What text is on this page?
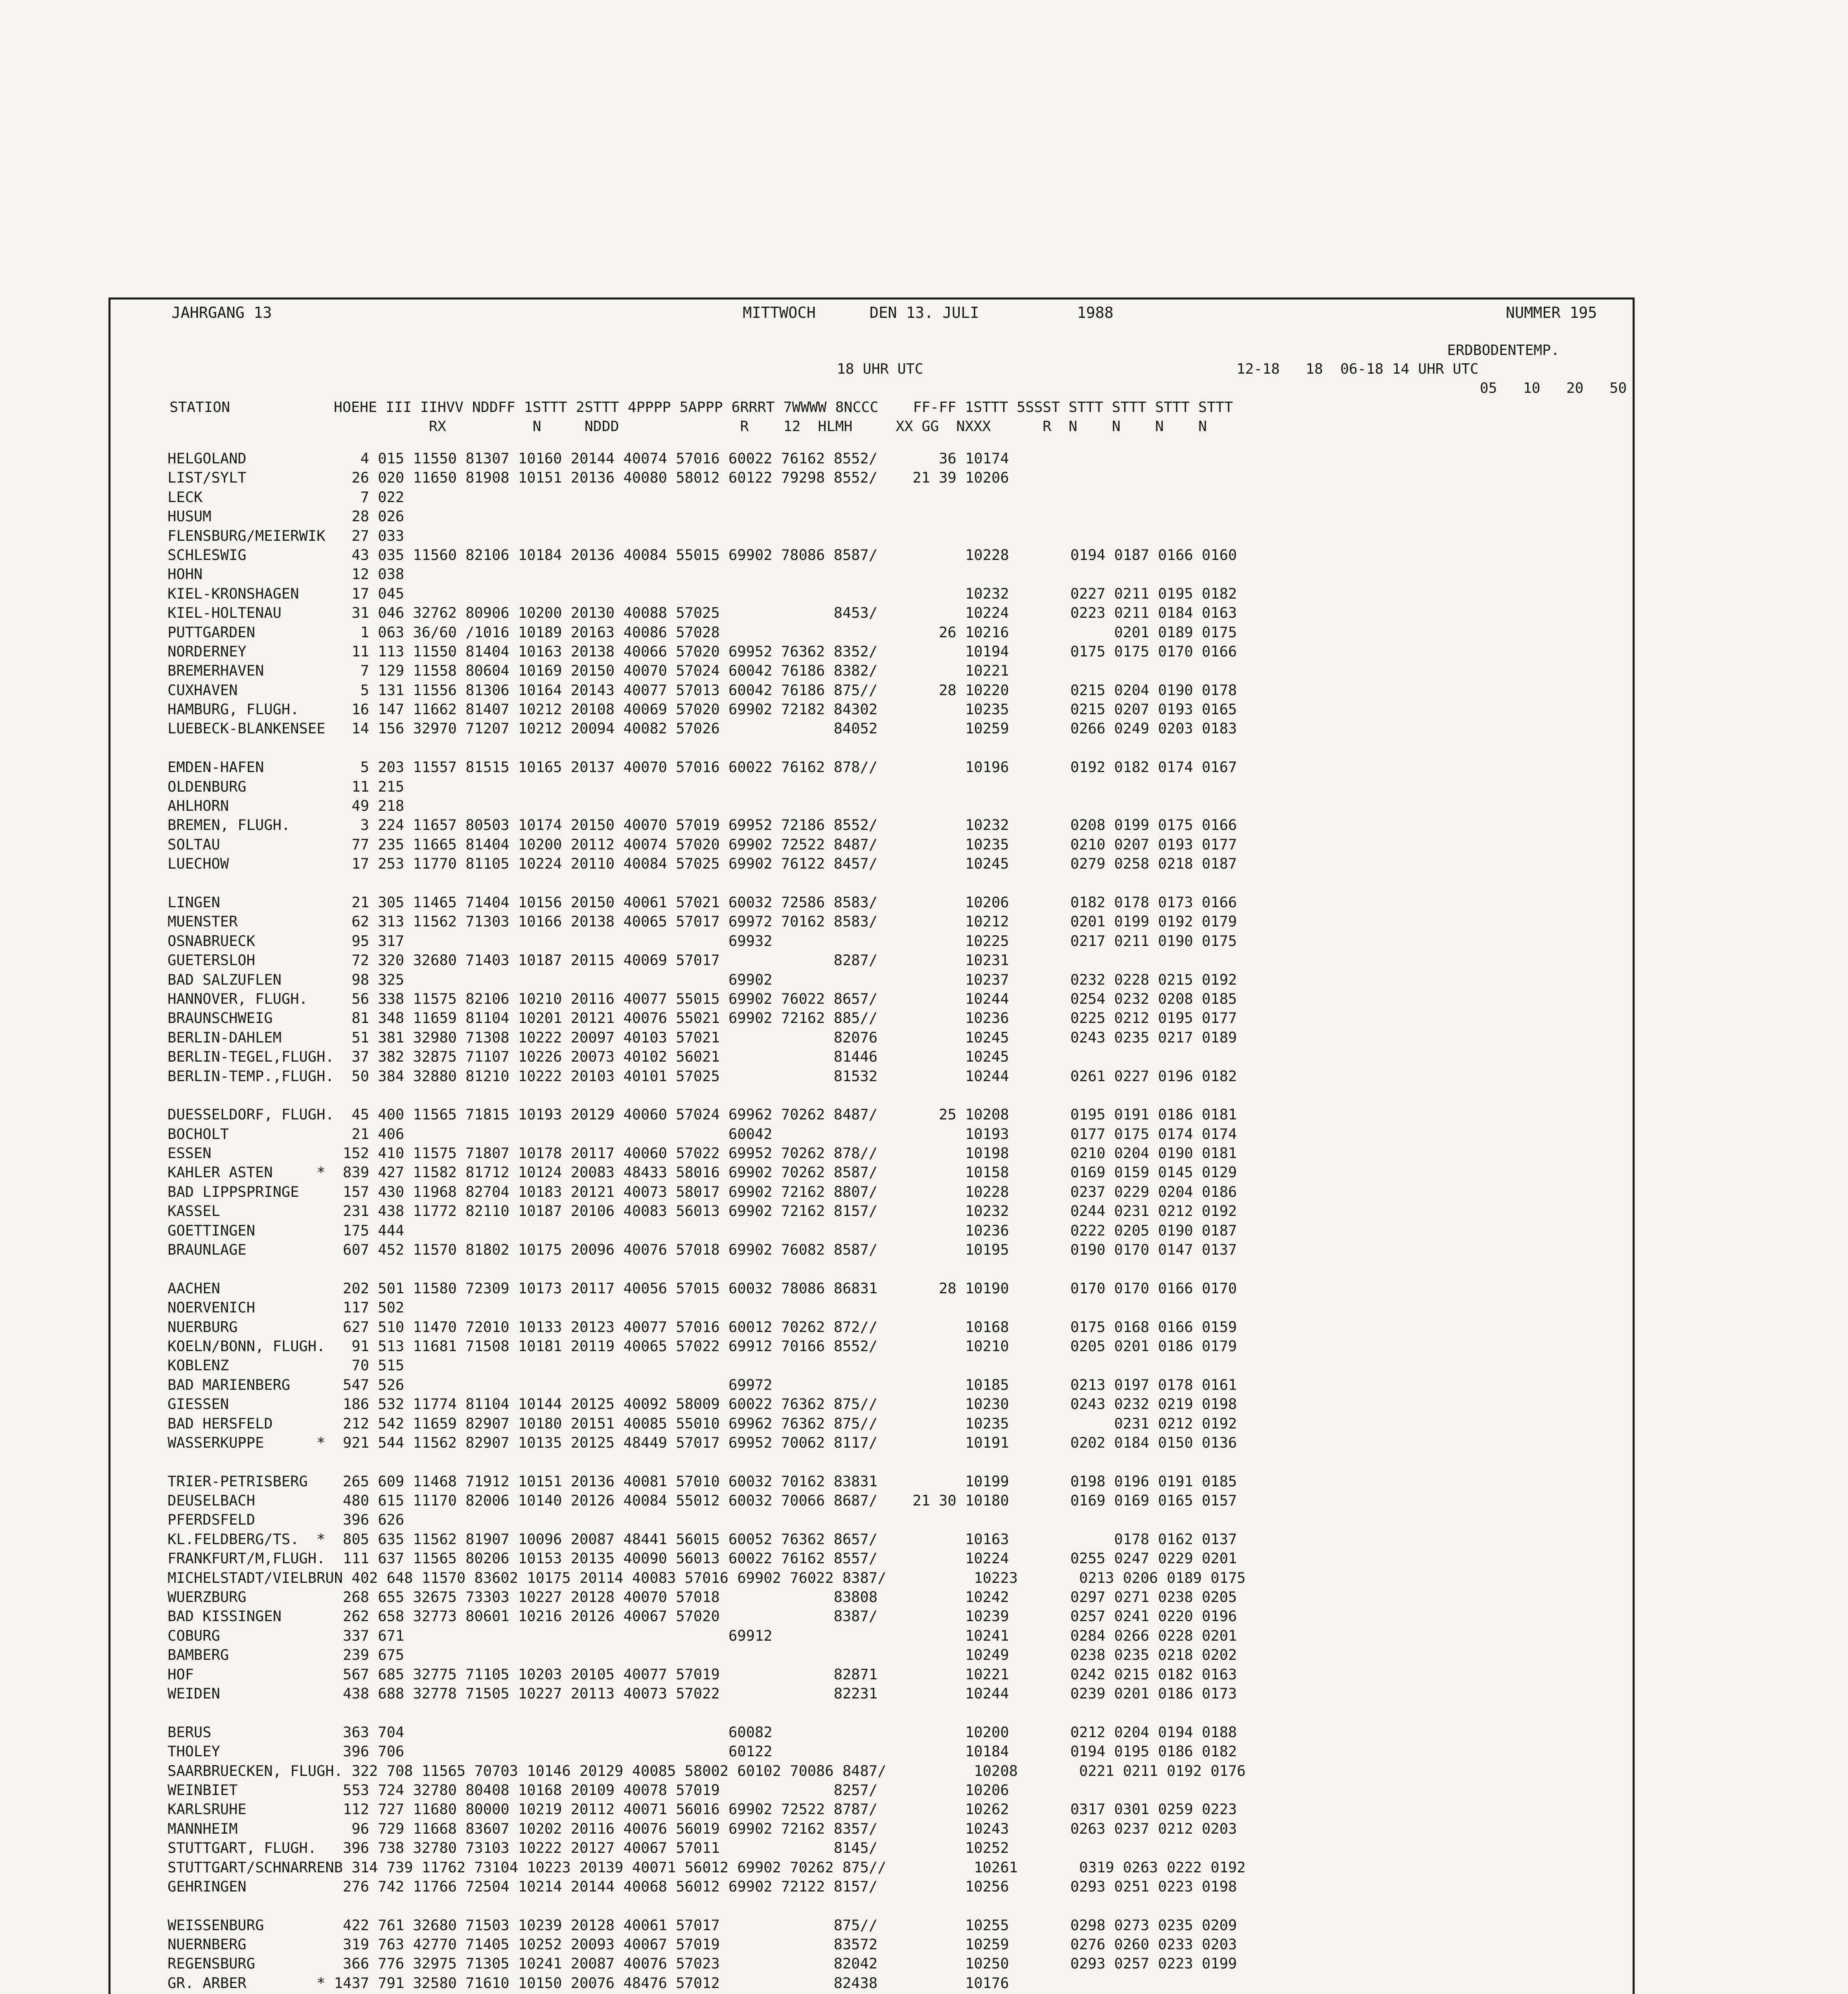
JAHRGANG 13	MITTWOCH	DEN 13. JULI	1988	NUMMER 195
ERDBODENTEMP.
18 UHR UTC	12-18   18  06-18 14 UHR UTC
05   10   20   50
STATION            HOEHE III IIHVV NDDFF 1STTT 2STTT 4PPPP 5APPP 6RRRT 7WWWW 8NCCC    FF-FF 1STTT 5SSST STTT STTT STTT STTT
RX          N     NDDD              R    12  HLMH     XX GG  NXXX      R  N    N    N    N
HELGOLAND             4 015 11550 81307 10160 20144 40074 57016 60022 76162 8552/       36 10174
LIST/SYLT            26 020 11650 81908 10151 20136 40080 58012 60122 79298 8552/    21 39 10206
LECK                  7 022
HUSUM                28 026
FLENSBURG/MEIERWIK   27 033
SCHLESWIG            43 035 11560 82106 10184 20136 40084 55015 69902 78086 8587/          10228       0194 0187 0166 0160
HOHN                 12 038
KIEL-KRONSHAGEN      17 045                                                                10232       0227 0211 0195 0182
KIEL-HOLTENAU        31 046 32762 80906 10200 20130 40088 57025             8453/          10224       0223 0211 0184 0163
PUTTGARDEN            1 063 36/60 /1016 10189 20163 40086 57028                         26 10216            0201 0189 0175
NORDERNEY            11 113 11550 81404 10163 20138 40066 57020 69952 76362 8352/          10194       0175 0175 0170 0166
BREMERHAVEN           7 129 11558 80604 10169 20150 40070 57024 60042 76186 8382/          10221
CUXHAVEN              5 131 11556 81306 10164 20143 40077 57013 60042 76186 875//       28 10220       0215 0204 0190 0178
HAMBURG, FLUGH.      16 147 11662 81407 10212 20108 40069 57020 69902 72182 84302          10235       0215 0207 0193 0165
LUEBECK-BLANKENSEE   14 156 32970 71207 10212 20094 40082 57026             84052          10259       0266 0249 0203 0183
EMDEN-HAFEN           5 203 11557 81515 10165 20137 40070 57016 60022 76162 878//          10196       0192 0182 0174 0167
OLDENBURG            11 215
AHLHORN              49 218
BREMEN, FLUGH.        3 224 11657 80503 10174 20150 40070 57019 69952 72186 8552/          10232       0208 0199 0175 0166
SOLTAU               77 235 11665 81404 10200 20112 40074 57020 69902 72522 8487/          10235       0210 0207 0193 0177
LUECHOW              17 253 11770 81105 10224 20110 40084 57025 69902 76122 8457/          10245       0279 0258 0218 0187
LINGEN               21 305 11465 71404 10156 20150 40061 57021 60032 72586 8583/          10206       0182 0178 0173 0166
MUENSTER             62 313 11562 71303 10166 20138 40065 57017 69972 70162 8583/          10212       0201 0199 0192 0179
OSNABRUECK           95 317                                     69932                      10225       0217 0211 0190 0175
GUETERSLOH           72 320 32680 71403 10187 20115 40069 57017             8287/          10231
BAD SALZUFLEN        98 325                                     69902                      10237       0232 0228 0215 0192
HANNOVER, FLUGH.     56 338 11575 82106 10210 20116 40077 55015 69902 76022 8657/          10244       0254 0232 0208 0185
BRAUNSCHWEIG         81 348 11659 81104 10201 20121 40076 55021 69902 72162 885//          10236       0225 0212 0195 0177
BERLIN-DAHLEM        51 381 32980 71308 10222 20097 40103 57021             82076          10245       0243 0235 0217 0189
BERLIN-TEGEL,FLUGH.  37 382 32875 71107 10226 20073 40102 56021             81446          10245
BERLIN-TEMP.,FLUGH.  50 384 32880 81210 10222 20103 40101 57025             81532          10244       0261 0227 0196 0182
DUESSELDORF, FLUGH.  45 400 11565 71815 10193 20129 40060 57024 69962 70262 8487/       25 10208       0195 0191 0186 0181
BOCHOLT              21 406                                     60042                      10193       0177 0175 0174 0174
ESSEN               152 410 11575 71807 10178 20117 40060 57022 69952 70262 878//          10198       0210 0204 0190 0181
KAHLER ASTEN     *  839 427 11582 81712 10124 20083 48433 58016 69902 70262 8587/          10158       0169 0159 0145 0129
BAD LIPPSPRINGE     157 430 11968 82704 10183 20121 40073 58017 69902 72162 8807/          10228       0237 0229 0204 0186
KASSEL              231 438 11772 82110 10187 20106 40083 56013 69902 72162 8157/          10232       0244 0231 0212 0192
GOETTINGEN          175 444                                                                10236       0222 0205 0190 0187
BRAUNLAGE           607 452 11570 81802 10175 20096 40076 57018 69902 76082 8587/          10195       0190 0170 0147 0137
AACHEN              202 501 11580 72309 10173 20117 40056 57015 60032 78086 86831       28 10190       0170 0170 0166 0170
NOERVENICH          117 502
NUERBURG            627 510 11470 72010 10133 20123 40077 57016 60012 70262 872//          10168       0175 0168 0166 0159
KOELN/BONN, FLUGH.   91 513 11681 71508 10181 20119 40065 57022 69912 70166 8552/          10210       0205 0201 0186 0179
KOBLENZ              70 515
BAD MARIENBERG      547 526                                     69972                      10185       0213 0197 0178 0161
GIESSEN             186 532 11774 81104 10144 20125 40092 58009 60022 76362 875//          10230       0243 0232 0219 0198
BAD HERSFELD        212 542 11659 82907 10180 20151 40085 55010 69962 76362 875//          10235            0231 0212 0192
WASSERKUPPE      *  921 544 11562 82907 10135 20125 48449 57017 69952 70062 8117/          10191       0202 0184 0150 0136
TRIER-PETRISBERG    265 609 11468 71912 10151 20136 40081 57010 60032 70162 83831          10199       0198 0196 0191 0185
DEUSELBACH          480 615 11170 82006 10140 20126 40084 55012 60032 70066 8687/    21 30 10180       0169 0169 0165 0157
PFERDSFELD          396 626
KL.FELDBERG/TS.  *  805 635 11562 81907 10096 20087 48441 56015 60052 76362 8657/          10163            0178 0162 0137
FRANKFURT/M,FLUGH.  111 637 11565 80206 10153 20135 40090 56013 60022 76162 8557/          10224       0255 0247 0229 0201
MICHELSTADT/VIELBRUN 402 648 11570 83602 10175 20114 40083 57016 69902 76022 8387/          10223       0213 0206 0189 0175
WUERZBURG           268 655 32675 73303 10227 20128 40070 57018             83808          10242       0297 0271 0238 0205
BAD KISSINGEN       262 658 32773 80601 10216 20126 40067 57020             8387/          10239       0257 0241 0220 0196
COBURG              337 671                                     69912                      10241       0284 0266 0228 0201
BAMBERG             239 675                                                                10249       0238 0235 0218 0202
HOF                 567 685 32775 71105 10203 20105 40077 57019             82871          10221       0242 0215 0182 0163
WEIDEN              438 688 32778 71505 10227 20113 40073 57022             82231          10244       0239 0201 0186 0173
BERUS               363 704                                     60082                      10200       0212 0204 0194 0188
THOLEY              396 706                                     60122                      10184       0194 0195 0186 0182
SAARBRUECKEN, FLUGH. 322 708 11565 70703 10146 20129 40085 58002 60102 70086 8487/          10208       0221 0211 0192 0176
WEINBIET            553 724 32780 80408 10168 20109 40078 57019             8257/          10206
KARLSRUHE           112 727 11680 80000 10219 20112 40071 56016 69902 72522 8787/          10262       0317 0301 0259 0223
MANNHEIM             96 729 11668 83607 10202 20116 40076 56019 69902 72162 8357/          10243       0263 0237 0212 0203
STUTTGART, FLUGH.   396 738 32780 73103 10222 20127 40067 57011             8145/          10252
STUTTGART/SCHNARRENB 314 739 11762 73104 10223 20139 40071 56012 69902 70262 875//          10261       0319 0263 0222 0192
GEHRINGEN           276 742 11766 72504 10214 20144 40068 56012 69902 72122 8157/          10256       0293 0251 0223 0198
WEISSENBURG         422 761 32680 71503 10239 20128 40061 57017             875//          10255       0298 0273 0235 0209
NUERNBERG           319 763 42770 71405 10252 20093 40067 57019             83572          10259       0276 0260 0233 0203
REGENSBURG          366 776 32975 71305 10241 20087 40076 57023             82042          10250       0293 0257 0223 0199
GR. ARBER        * 1437 791 32580 71610 10150 20076 48476 57012             82438          10176
